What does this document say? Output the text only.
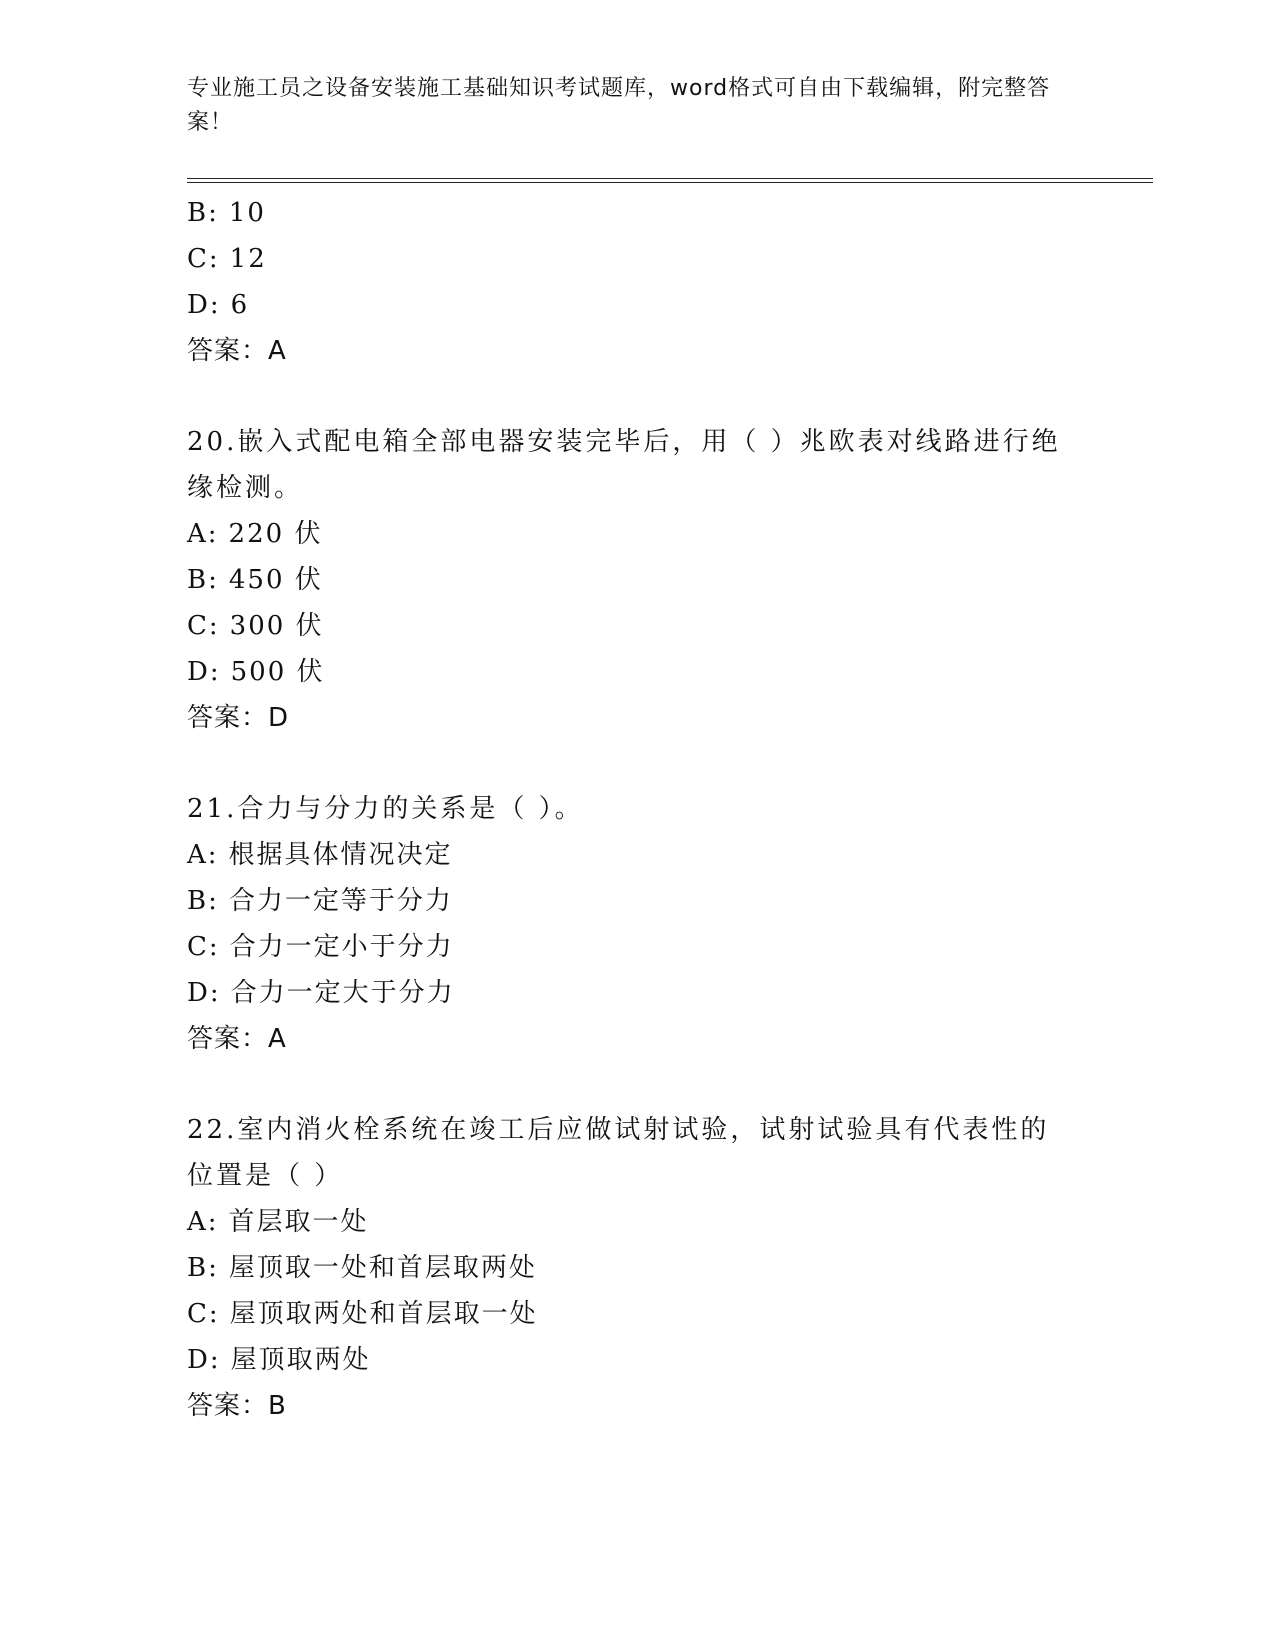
专业施工员之设备安装施工基础知识考试题库，word格式可自由下载编辑，附完整答案！
B: 10
C: 12
D: 6
答案：A
20.嵌入式配电箱全部电器安装完毕后，用（ ）兆欧表对线路进行绝缘检测。
A: 220 伏
B: 450 伏
C: 300 伏
D: 500 伏
答案：D
21.合力与分力的关系是（ ）。
A: 根据具体情况决定
B: 合力一定等于分力
C: 合力一定小于分力
D: 合力一定大于分力
答案：A
22.室内消火栓系统在竣工后应做试射试验，试射试验具有代表性的位置是（ ）
A: 首层取一处
B: 屋顶取一处和首层取两处
C: 屋顶取两处和首层取一处
D: 屋顶取两处
答案：B
